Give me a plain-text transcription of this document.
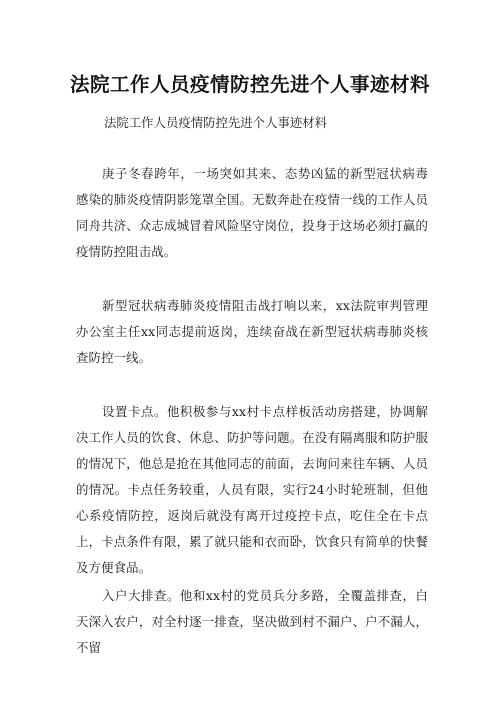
法院工作人员疫情防控先进个人事迹材料
法院工作人员疫情防控先进个人事迹材料

庚子冬春跨年，一场突如其来、态势凶猛的新型冠状病毒感染的肺炎疫情阴影笼罩全国。无数奔赴在疫情一线的工作人员同舟共济、众志成城冒着风险坚守岗位，投身于这场必须打赢的疫情防控阻击战。

新型冠状病毒肺炎疫情阻击战打响以来，xx法院审判管理办公室主任xx同志提前返岗，连续奋战在新型冠状病毒肺炎核查防控一线。

设置卡点。他积极参与xx村卡点样板活动房搭建，协调解决工作人员的饮食、休息、防护等问题。在没有隔离服和防护服的情况下，他总是抢在其他同志的前面，去询问来往车辆、人员的情况。卡点任务较重，人员有限，实行24小时轮班制，但他心系疫情防控，返岗后就没有离开过疫控卡点，吃住全在卡点上，卡点条件有限，累了就只能和衣而卧，饮食只有简单的快餐及方便食品。

入户大排查。他和xx村的党员兵分多路，全覆盖排查，白天深入农户，对全村逐一排查，坚决做到村不漏户、户不漏人，不留
